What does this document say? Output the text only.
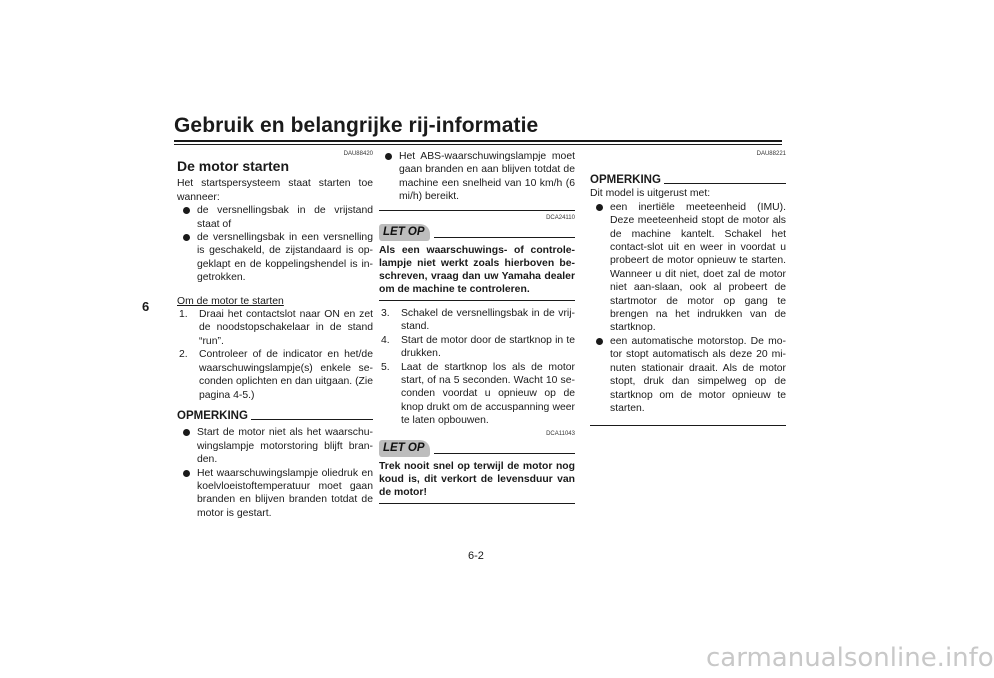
Gebruik en belangrijke rij-informatie
6
DAU88420
De motor starten

Het startspersysteem staat starten toe wanneer:

de versnellingsbak in de vrijstand staat of
de versnellingsbak in een versnelling is geschakeld, de zijstandaard is op-geklapt en de koppelingshendel is in-getrokken.

Om de motor te starten

1. Draai het contactslot naar ON en zet de noodstopschakelaar in de stand “run”.
2. Controleer of de indicator en het/de waarschuwingslampje(s) enkele se-conden oplichten en dan uitgaan. (Zie pagina 4-5.)
OPMERKING
Start de motor niet als het waarschu-wingslampje motorstoring blijft bran-den.
Het waarschuwingslampje oliedruk en koelvloeistoftemperatuur moet gaan branden en blijven branden totdat de motor is gestart.
Het ABS-waarschuwingslampje moet gaan branden en aan blijven totdat de machine een snelheid van 10 km/h (6 mi/h) bereikt.
DCA24110
LET OP

Als een waarschuwings- of controle-lampje niet werkt zoals hierboven be-schreven, vraag dan uw Yamaha dealer om de machine te controleren.

3. Schakel de versnellingsbak in de vrij-stand.
4. Start de motor door de startknop in te drukken.
5. Laat de startknop los als de motor start, of na 5 seconden. Wacht 10 se-conden voordat u opnieuw op de knop drukt om de accuspanning weer te laten opbouwen.
DCA11043
LET OP

Trek nooit snel op terwijl de motor nog koud is, dit verkort de levensduur van de motor!

DAU88221
OPMERKING

Dit model is uitgerust met:

een inertiële meeteenheid (IMU). Deze meeteenheid stopt de motor als de machine kantelt. Schakel het contact-slot uit en weer in voordat u probeert de motor opnieuw te starten. Wanneer u dit niet, doet zal de motor niet aan-slaan, ook al probeert de startmotor de motor op gang te brengen na het indrukken van de startknop.
een automatische motorstop. De mo-tor stopt automatisch als deze 20 mi-nuten stationair draait. Als de motor stopt, druk dan simpelweg op de startknop om de motor opnieuw te starten.
6-2
carmanualsonline.info
